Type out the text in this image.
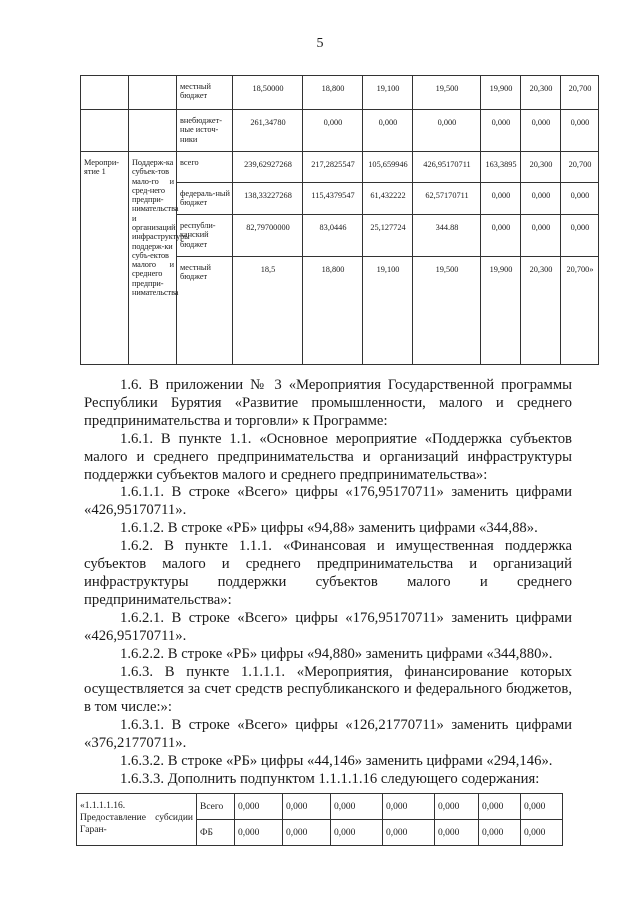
5
		местный бюджет	18,50000	18,800	19,100	19,500	19,900	20,300	20,700
		внебюджет-ные источ-ники	261,34780	0,000	0,000	0,000	0,000	0,000	0,000
Меропри-ятие 1	Поддерж-ка субъек-тов мало-го и сред-него предпри-нимательства и организаций инфраструктуры поддерж-ки субъ-ектов малого и среднего предпри-нимательства	всего	239,62927268	217,2825547	105,659946	426,95170711	163,3895	20,300	20,700
		федераль-ный бюджет	138,33227268	115,4379547	61,432222	62,57170711	0,000	0,000	0,000
		республи-канский бюджет	82,79700000	83,0446	25,127724	344.88	0,000	0,000	0,000
		местный бюджет	18,5	18,800	19,100	19,500	19,900	20,300	20,700»

1.6. В приложении № 3 «Мероприятия Государственной программы Республики Бурятия «Развитие промышленности, малого и среднего предпринимательства и торговли» к Программе:

1.6.1. В пункте 1.1. «Основное мероприятие «Поддержка субъектов малого и среднего предпринимательства и организаций инфраструктуры поддержки субъектов малого и среднего предпринимательства»:

1.6.1.1. В строке «Всего» цифры «176,95170711» заменить цифрами «426,95170711».

1.6.1.2. В строке «РБ» цифры «94,88» заменить цифрами «344,88».

1.6.2. В пункте 1.1.1. «Финансовая и имущественная поддержка субъектов малого и среднего предпринимательства и организаций инфраструктуры поддержки субъектов малого и среднего предпринимательства»:

1.6.2.1. В строке «Всего» цифры «176,95170711» заменить цифрами «426,95170711».

1.6.2.2. В строке «РБ» цифры «94,880» заменить цифрами «344,880».

1.6.3. В пункте 1.1.1.1. «Мероприятия, финансирование которых осуществляется за счет средств республиканского и федерального бюджетов, в том числе:»:

1.6.3.1. В строке «Всего» цифры «126,21770711» заменить цифрами «376,21770711».

1.6.3.2. В строке «РБ» цифры «44,146» заменить цифрами «294,146».

1.6.3.3. Дополнить подпунктом 1.1.1.1.16 следующего содержания:

«1.1.1.1.16. Предоставление субсидии Гаран-	Всего	0,000	0,000	0,000	0,000	0,000	0,000	0,000
	ФБ	0,000	0,000	0,000	0,000	0,000	0,000	0,000
